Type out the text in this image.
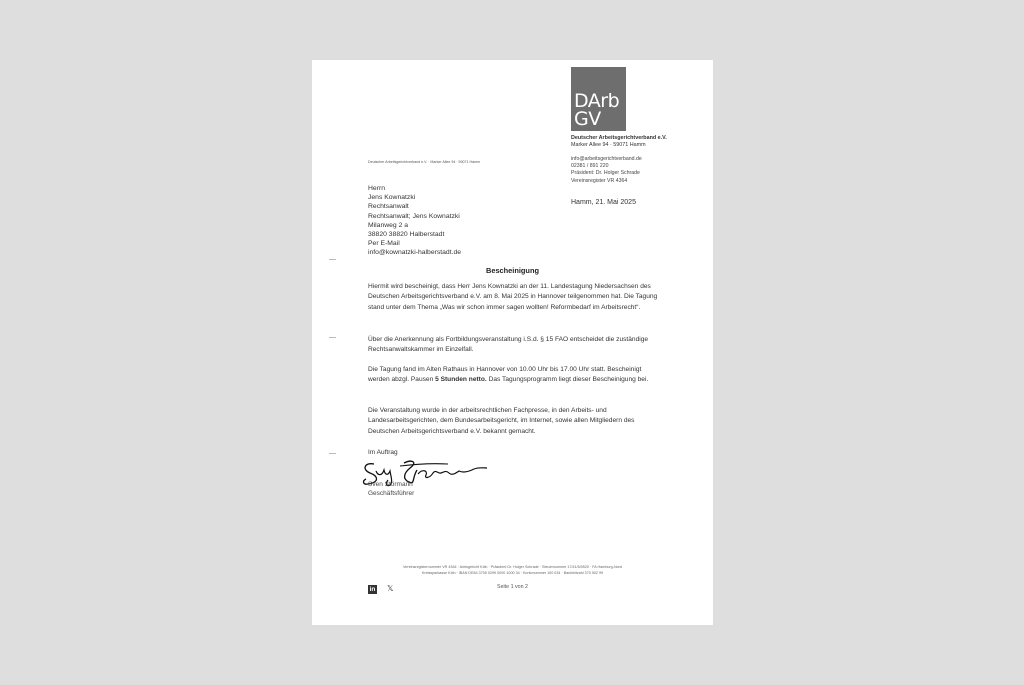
DArb
GV
Deutscher Arbeitsgerichtverband e.V.
Marker Allee 94 · 59071 Hamm
info@arbeitsgerichtverband.de
02381 / 891 220
Präsident: Dr. Holger Schrade
Vereinsregister VR 4364
Hamm, 21. Mai 2025
Deutscher Arbeitsgerichtverband e.V. · Marker Allee 94 · 59071 Hamm
Herrn
Jens Kownatzki
Rechtsanwalt
Rechtsanwalt; Jens Kownatzki
Milanweg 2 a
38820 38820 Halberstadt
Per E-Mail
info@kownatzki-halberstadt.de
—
—
—
Bescheinigung
Hiermit wird bescheinigt, dass Herr Jens Kownatzki an der 11. Landestagung Niedersachsen des Deutschen Arbeitsgerichtsverband e.V. am 8. Mai 2025 in Hannover teilgenommen hat. Die Tagung stand unter dem Thema „Was wir schon immer sagen wollten! Reformbedarf im Arbeitsrecht“.
Über die Anerkennung als Fortbildungsveranstaltung i.S.d. § 15 FAO entscheidet die zuständige Rechtsanwaltskammer im Einzelfall.
Die Tagung fand im Alten Rathaus in Hannover von 10.00 Uhr bis 17.00 Uhr statt. Bescheinigt werden abzgl. Pausen 5 Stunden netto. Das Tagungsprogramm liegt dieser Bescheinigung bei.
Die Veranstaltung wurde in der arbeitsrechtlichen Fachpresse, in den Arbeits- und Landesarbeitsgerichten, dem Bundesarbeitsgericht, im Internet, sowie allen Mitgliedern des Deutschen Arbeitsgerichtsverband e.V. bekannt gemacht.
Im Auftrag
Sven Störmann
Geschäftsführer
Vereinsregisternummer VR 4364 · Amtsgericht Köln · Präsident Dr. Holger Schrade · Steuernummer 17/41/5/0520 · FA Hamburg-Nord
Kreissparkasse Köln · IBAN DE84 3705 0299 0000 1000 34 · Kontonummer 100 034 · Bankleitzahl 370 502 99
Seite 1 von 2
in 𝕏
